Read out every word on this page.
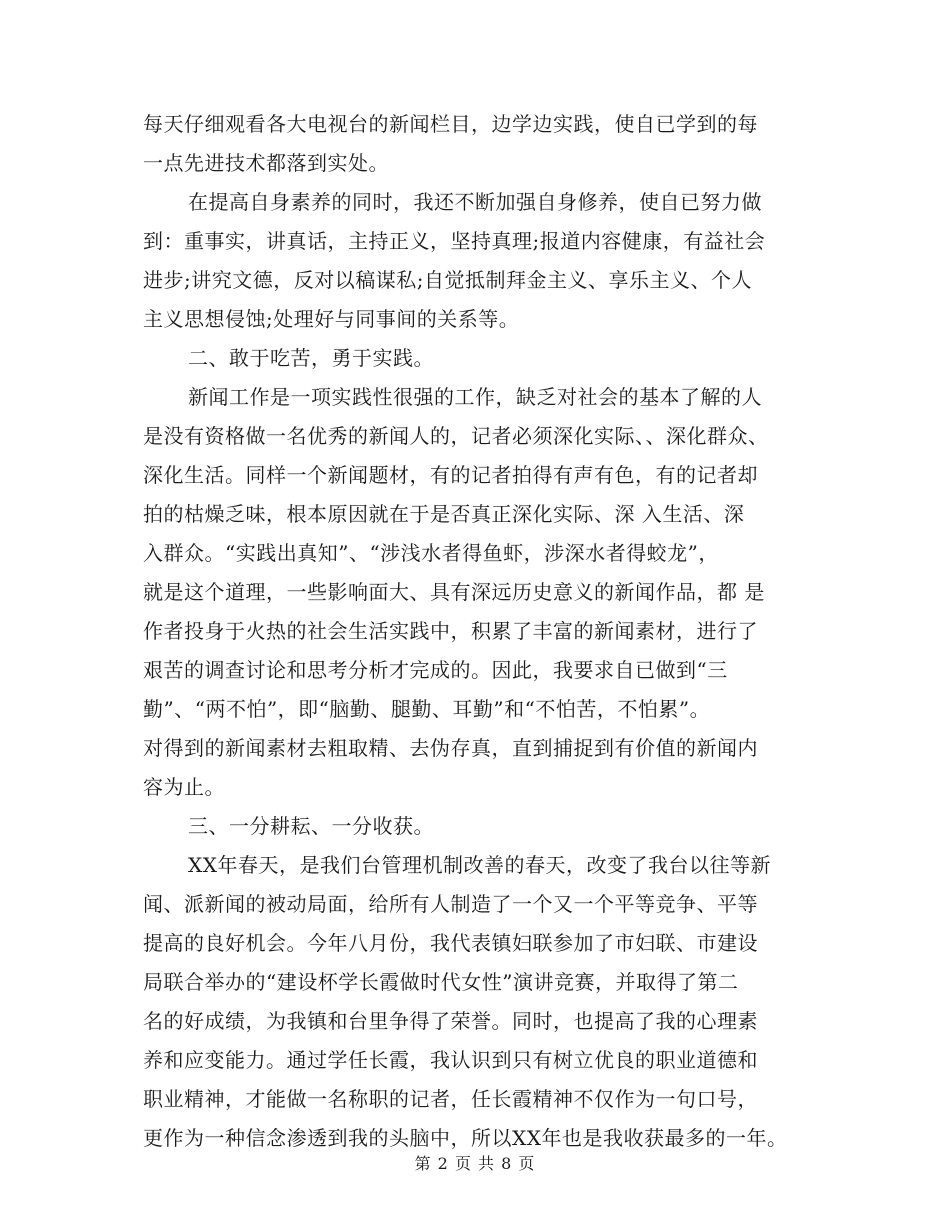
每天仔细观看各大电视台的新闻栏目，边学边实践，使自已学到的每
一点先进技术都落到实处。
在提高自身素养的同时，我还不断加强自身修养，使自已努力做
到：重事实，讲真话，主持正义，坚持真理;报道内容健康，有益社会
进步;讲究文德，反对以稿谋私;自觉抵制拜金主义、享乐主义、个人
主义思想侵蚀;处理好与同事间的关系等。
二、敢于吃苦，勇于实践。
新闻工作是一项实践性很强的工作，缺乏对社会的基本了解的人
是没有资格做一名优秀的新闻人的，记者必须深化实际、、深化群众、
深化生活。同样一个新闻题材，有的记者拍得有声有色，有的记者却
拍的枯燥乏味，根本原因就在于是否真正深化实际、深 入生活、深
入群众。“实践出真知”、“涉浅水者得鱼虾，涉深水者得蛟龙”，
就是这个道理，一些影响面大、具有深远历史意义的新闻作品，都 是
作者投身于火热的社会生活实践中，积累了丰富的新闻素材，进行了
艰苦的调查讨论和思考分析才完成的。因此，我要求自已做到“三
勤”、“两不怕”，即“脑勤、腿勤、耳勤”和“不怕苦，不怕累”。
对得到的新闻素材去粗取精、去伪存真，直到捕捉到有价值的新闻内
容为止。
三、一分耕耘、一分收获。
XX年春天，是我们台管理机制改善的春天，改变了我台以往等新
闻、派新闻的被动局面，给所有人制造了一个又一个平等竞争、平等
提高的良好机会。今年八月份，我代表镇妇联参加了市妇联、市建设
局联合举办的“建设杯学长霞做时代女性”演讲竞赛，并取得了第二
名的好成绩，为我镇和台里争得了荣誉。同时，也提高了我的心理素
养和应变能力。通过学任长霞，我认识到只有树立优良的职业道德和
职业精神，才能做一名称职的记者，任长霞精神不仅作为一句口号，
更作为一种信念渗透到我的头脑中，所以XX年也是我收获最多的一年。
第 2 页 共 8 页
